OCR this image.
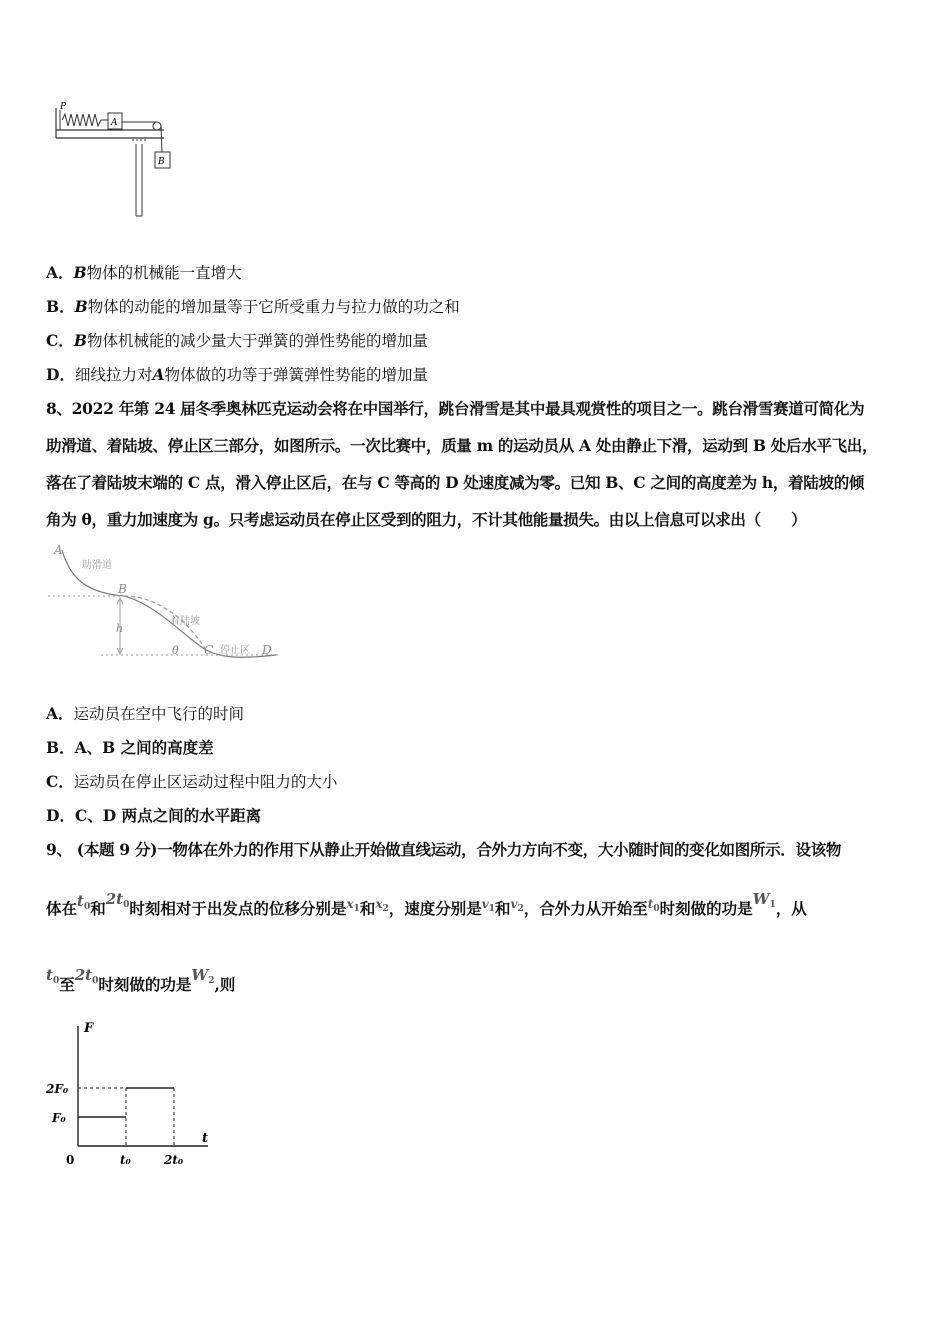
P
A
B
A．B物体的机械能一直增大
B．B物体的动能的增加量等于它所受重力与拉力做的功之和
C．B物体机械能的减少量大于弹簧的弹性势能的增加量
D．细线拉力对A物体做的功等于弹簧弹性势能的增加量
8、2022 年第 24 届冬季奥林匹克运动会将在中国举行，跳台滑雪是其中最具观赏性的项目之一。跳台滑雪赛道可简化为
助滑道、着陆坡、停止区三部分，如图所示。一次比赛中，质量 m 的运动员从 A 处由静止下滑，运动到 B 处后水平飞出，
落在了着陆坡末端的 C 点，滑入停止区后，在与 C 等高的 D 处速度减为零。已知 B、C 之间的高度差为 h，着陆坡的倾
角为 θ，重力加速度为 g。只考虑运动员在停止区受到的阻力，不计其他能量损失。由以上信息可以求出（　　）
A
助滑道
B
着陆坡
h
θ C 停止区 D
A．运动员在空中飞行的时间
B．A、B 之间的高度差
C．运动员在停止区运动过程中阻力的大小
D．C、D 两点之间的水平距离
9、 (本题 9 分)一物体在外力的作用下从静止开始做直线运动，合外力方向不变，大小随时间的变化如图所示．设该物
体在$t_0$和$2t_0$时刻相对于出发点的位移分别是$^{x_1}$和$^{x_2}$，速度分别是$^{v_1}$和$^{v_2}$，合外力从开始至$^{t_0}$时刻做的功是$W_1$，从
$t_0$至$2t_0$时刻做的功是$W_2$,则
F
t
0	t₀	2t₀
F₀
2F₀
